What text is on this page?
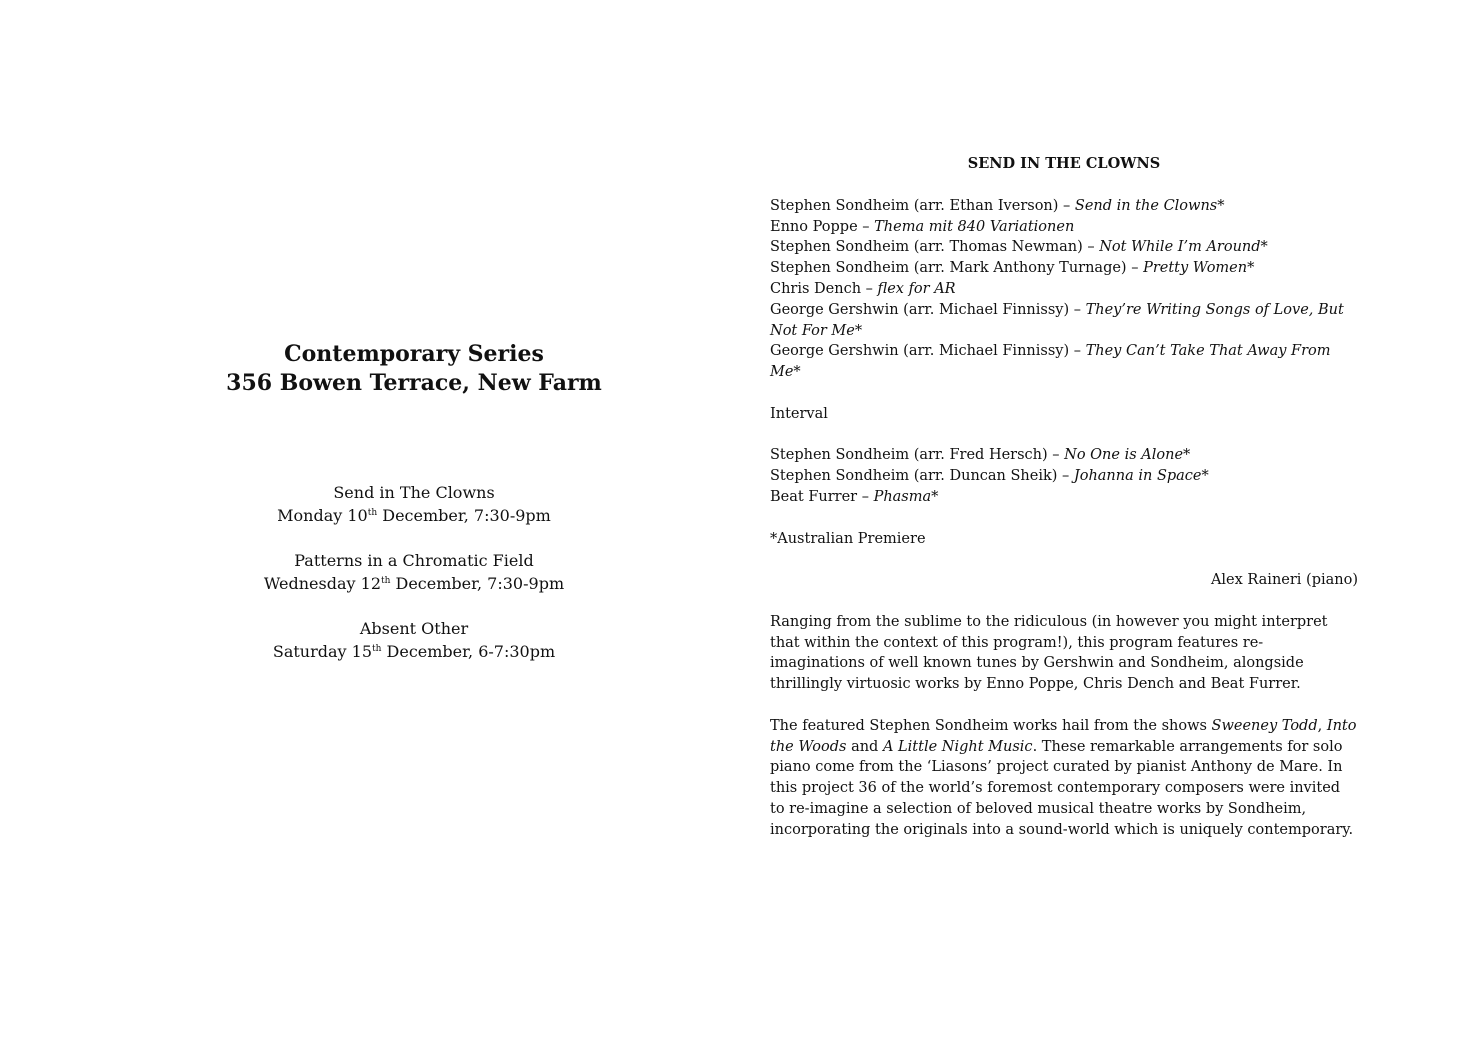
Contemporary Series

356 Bowen Terrace, New Farm

Send in The Clowns
Monday 10th December, 7:30-9pm
Patterns in a Chromatic Field
Wednesday 12th December, 7:30-9pm
Absent Other
Saturday 15th December, 6-7:30pm

SEND IN THE CLOWNS

Stephen Sondheim (arr. Ethan Iverson) – Send in the Clowns*

Enno Poppe – Thema mit 840 Variationen

Stephen Sondheim (arr. Thomas Newman) – Not While I’m Around*

Stephen Sondheim (arr. Mark Anthony Turnage) – Pretty Women*

Chris Dench – flex for AR

George Gershwin (arr. Michael Finnissy) – They’re Writing Songs of Love, But Not For Me*

George Gershwin (arr. Michael Finnissy) – They Can’t Take That Away From Me*

Interval

Stephen Sondheim (arr. Fred Hersch) – No One is Alone*

Stephen Sondheim (arr. Duncan Sheik) – Johanna in Space*

Beat Furrer – Phasma*

*Australian Premiere

Alex Raineri (piano)

Ranging from the sublime to the ridiculous (in however you might interpret that within the context of this program!), this program features re-imaginations of well known tunes by Gershwin and Sondheim, alongside thrillingly virtuosic works by Enno Poppe, Chris Dench and Beat Furrer.

The featured Stephen Sondheim works hail from the shows Sweeney Todd, Into the Woods and A Little Night Music. These remarkable arrangements for solo piano come from the ‘Liasons’ project curated by pianist Anthony de Mare. In this project 36 of the world’s foremost contemporary composers were invited to re-imagine a selection of beloved musical theatre works by Sondheim, incorporating the originals into a sound-world which is uniquely contemporary.
